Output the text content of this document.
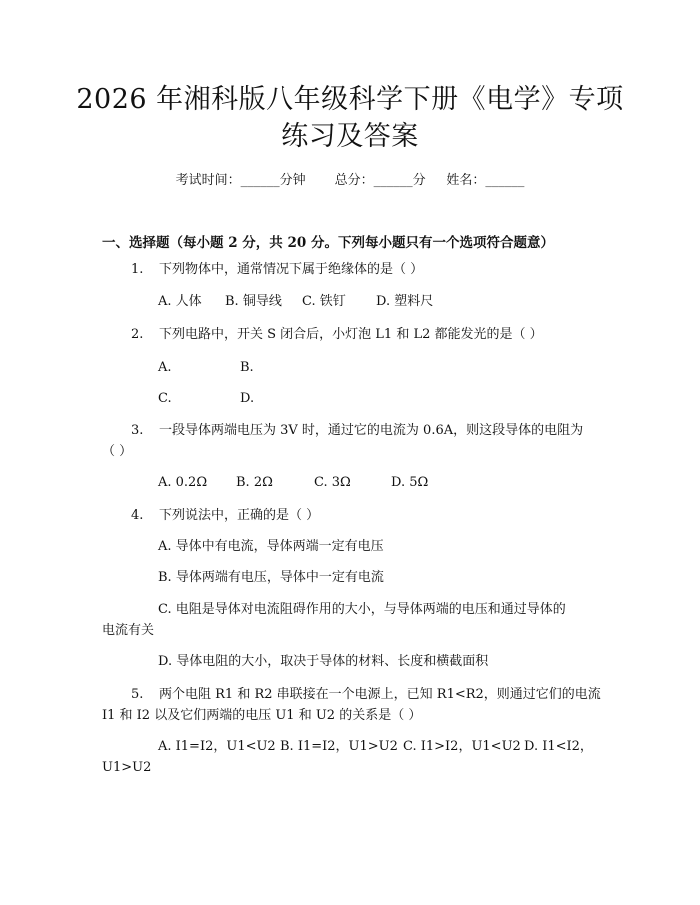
2026 年湘科版八年级科学下册《电学》专项
练习及答案
考试时间：______分钟 总分：______分 姓名：______
一、选择题（每小题 2 分，共 20 分。下列每小题只有一个选项符合题意）
1. 下列物体中，通常情况下属于绝缘体的是（ ）
A. 人体 B. 铜导线 C. 铁钉 D. 塑料尺
2. 下列电路中，开关 S 闭合后，小灯泡 L1 和 L2 都能发光的是（ ）
A.	B.
C.	D.
3. 一段导体两端电压为 3V 时，通过它的电流为 0.6A，则这段导体的电阻为
（ ）
A. 0.2Ω B. 2Ω	C. 3Ω	D. 5Ω
4. 下列说法中，正确的是（ ）
A. 导体中有电流，导体两端一定有电压
B. 导体两端有电压，导体中一定有电流
C. 电阻是导体对电流阻碍作用的大小，与导体两端的电压和通过导体的
电流有关
D. 导体电阻的大小，取决于导体的材料、长度和横截面积
5. 两个电阻 R1 和 R2 串联接在一个电源上，已知 R1<R2，则通过它们的电流
I1 和 I2 以及它们两端的电压 U1 和 U2 的关系是（ ）
A. I1=I2，U1<U2 B. I1=I2，U1>U2 C. I1>I2，U1<U2 D. I1<I2，
U1>U2
